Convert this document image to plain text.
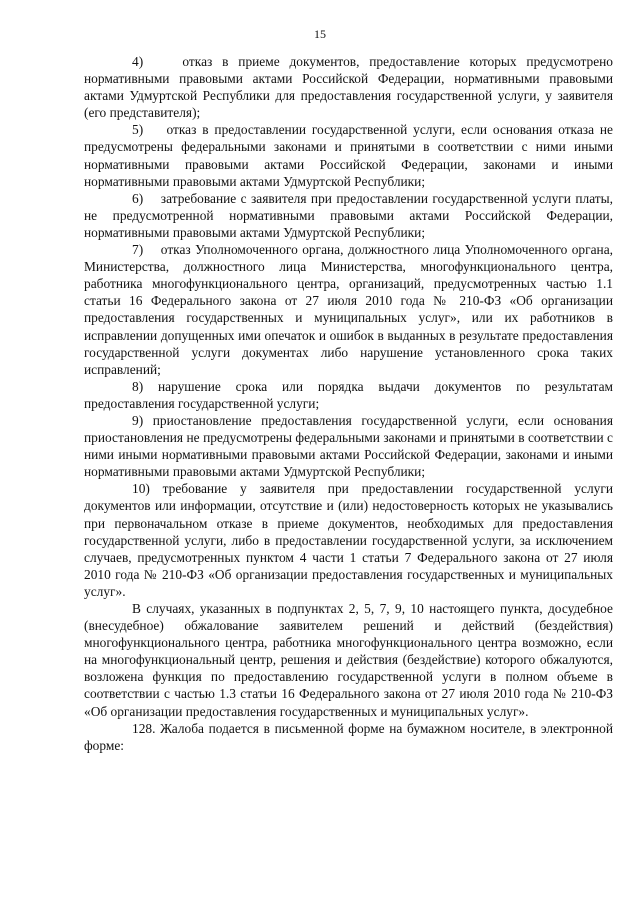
15

4)    отказ в приеме документов, предоставление которых предусмотрено нормативными правовыми актами Российской Федерации, нормативными правовыми актами Удмуртской Республики для предоставления государственной услуги, у заявителя (его представителя);

5)    отказ в предоставлении государственной услуги, если основания отказа не предусмотрены федеральными законами и принятыми в соответствии с ними иными нормативными правовыми актами Российской Федерации, законами и иными нормативными правовыми актами Удмуртской Республики;

6)    затребование с заявителя при предоставлении государственной услуги платы, не предусмотренной нормативными правовыми актами Российской Федерации, нормативными правовыми актами Удмуртской Республики;

7)    отказ Уполномоченного органа, должностного лица Уполномоченного органа, Министерства, должностного лица Министерства, многофункционального центра, работника многофункционального центра, организаций, предусмотренных частью 1.1 статьи 16 Федерального закона от 27 июля 2010 года № 210-ФЗ «Об организации предоставления государственных и муниципальных услуг», или их работников в исправлении допущенных ими опечаток и ошибок в выданных в результате предоставления государственной услуги документах либо нарушение установленного срока таких исправлений;

8) нарушение срока или порядка выдачи документов по результатам предоставления государственной услуги;

9) приостановление предоставления государственной услуги, если основания приостановления не предусмотрены федеральными законами и принятыми в соответствии с ними иными нормативными правовыми актами Российской Федерации, законами и иными нормативными правовыми актами Удмуртской Республики;

10) требование у заявителя при предоставлении государственной услуги документов или информации, отсутствие и (или) недостоверность которых не указывались при первоначальном отказе в приеме документов, необходимых для предоставления государственной услуги, либо в предоставлении государственной услуги, за исключением случаев, предусмотренных пунктом 4 части 1 статьи 7 Федерального закона от 27 июля 2010 года № 210-ФЗ «Об организации предоставления государственных и муниципальных услуг».

В случаях, указанных в подпунктах 2, 5, 7, 9, 10 настоящего пункта, досудебное (внесудебное) обжалование заявителем решений и действий (бездействия) многофункционального центра, работника многофункционального центра возможно, если на многофункциональный центр, решения и действия (бездействие) которого обжалуются, возложена функция по предоставлению государственной услуги в полном объеме в соответствии с частью 1.3 статьи 16 Федерального закона от 27 июля 2010 года № 210-ФЗ «Об организации предоставления государственных и муниципальных услуг».

128. Жалоба подается в письменной форме на бумажном носителе, в электронной форме:
